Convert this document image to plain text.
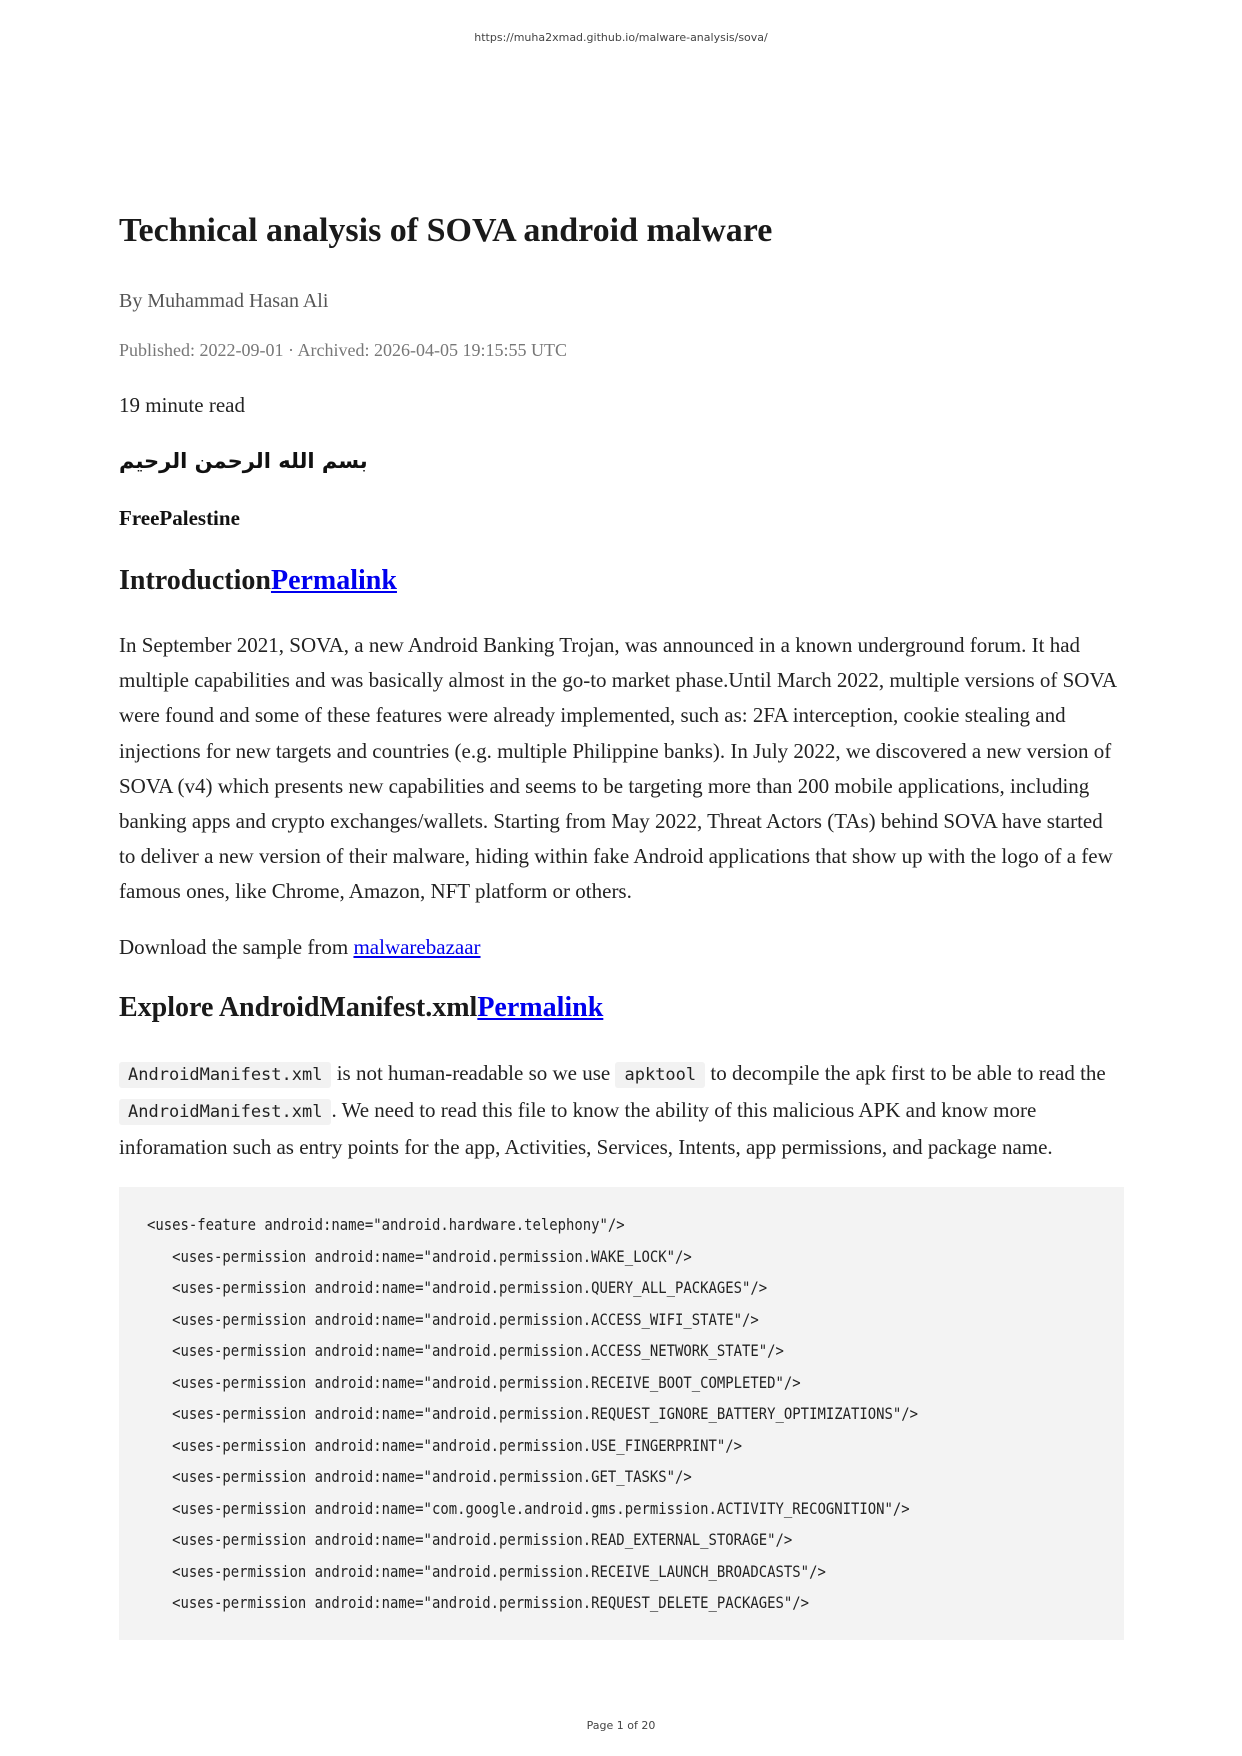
https://muha2xmad.github.io/malware-analysis/sova/
Technical analysis of SOVA android malware
By Muhammad Hasan Ali
Published: 2022-09-01 · Archived: 2026-04-05 19:15:55 UTC
19 minute read
بسم الله الرحمن الرحيم
FreePalestine
IntroductionPermalink

In September 2021, SOVA, a new Android Banking Trojan, was announced in a known underground forum. It had multiple capabilities and was basically almost in the go-to market phase.Until March 2022, multiple versions of SOVA were found and some of these features were already implemented, such as: 2FA interception, cookie stealing and injections for new targets and countries (e.g. multiple Philippine banks). In July 2022, we discovered a new version of SOVA (v4) which presents new capabilities and seems to be targeting more than 200 mobile applications, including banking apps and crypto exchanges/wallets. Starting from May 2022, Threat Actors (TAs) behind SOVA have started to deliver a new version of their malware, hiding within fake Android applications that show up with the logo of a few famous ones, like Chrome, Amazon, NFT platform or others.

Download the sample from malwarebazaar

Explore AndroidManifest.xmlPermalink

AndroidManifest.xml is not human-readable so we use apktool to decompile the apk first to be able to read the AndroidManifest.xml . We need to read this file to know the ability of this malicious APK and know more inforamation such as entry points for the app, Activities, Services, Intents, app permissions, and package name.

<uses-feature android:name="android.hardware.telephony"/>
<uses-permission android:name="android.permission.WAKE_LOCK"/>
<uses-permission android:name="android.permission.QUERY_ALL_PACKAGES"/>
<uses-permission android:name="android.permission.ACCESS_WIFI_STATE"/>
<uses-permission android:name="android.permission.ACCESS_NETWORK_STATE"/>
<uses-permission android:name="android.permission.RECEIVE_BOOT_COMPLETED"/>
<uses-permission android:name="android.permission.REQUEST_IGNORE_BATTERY_OPTIMIZATIONS"/>
<uses-permission android:name="android.permission.USE_FINGERPRINT"/>
<uses-permission android:name="android.permission.GET_TASKS"/>
<uses-permission android:name="com.google.android.gms.permission.ACTIVITY_RECOGNITION"/>
<uses-permission android:name="android.permission.READ_EXTERNAL_STORAGE"/>
<uses-permission android:name="android.permission.RECEIVE_LAUNCH_BROADCASTS"/>
<uses-permission android:name="android.permission.REQUEST_DELETE_PACKAGES"/>
Page 1 of 20
